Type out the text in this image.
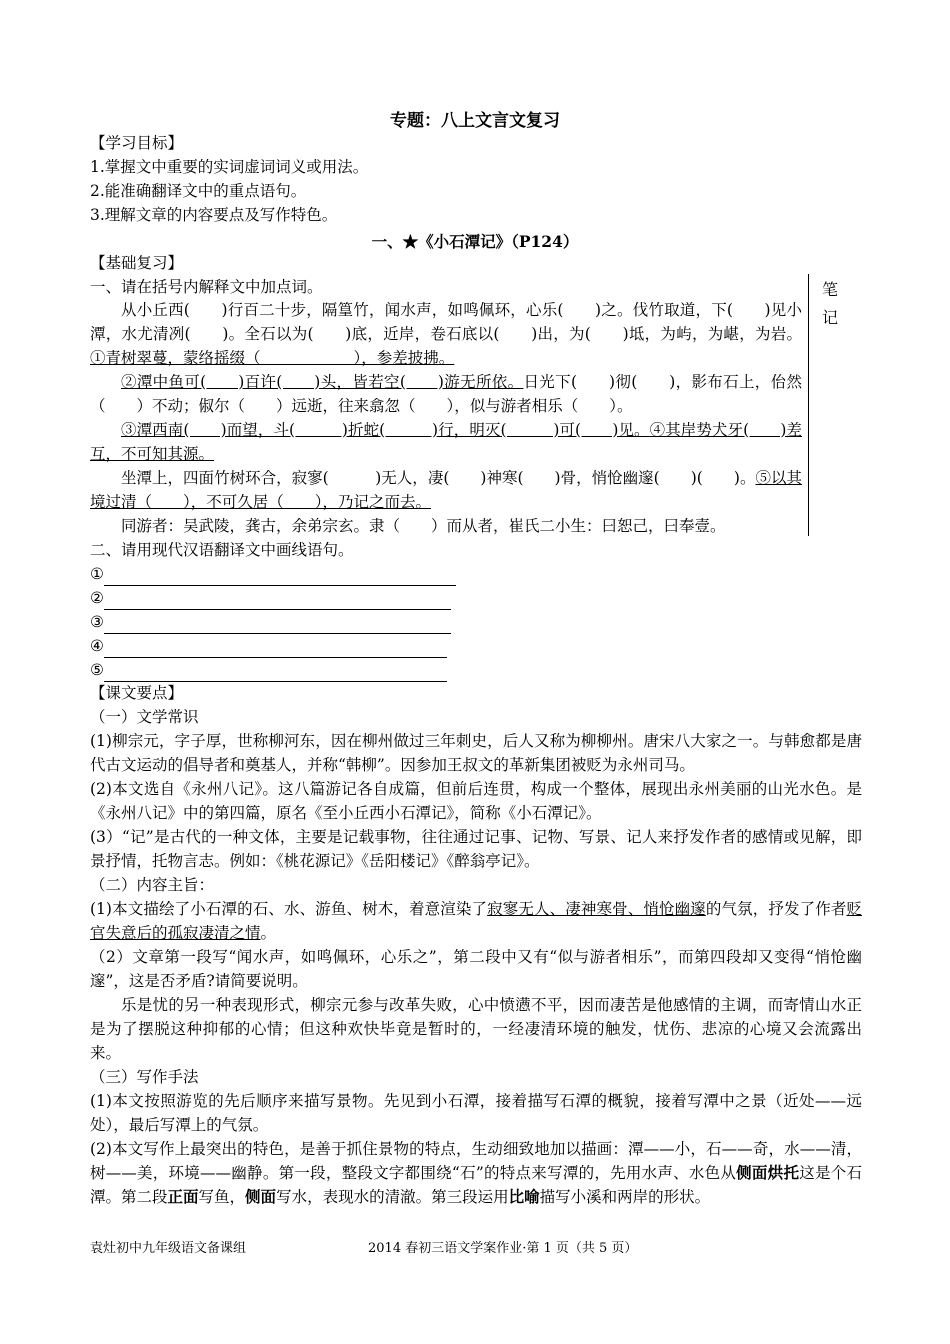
专题：八上文言文复习
【学习目标】
1.掌握文中重要的实词虚词词义或用法。
2.能准确翻译文中的重点语句。
3.理解文章的内容要点及写作特色。
一、★《小石潭记》（P124）
【基础复习】
一、请在括号内解释文中加点词。	笔
记

从小丘西(　　)行百二十步，隔篁竹，闻水声，如鸣佩环，心乐(　　)之。伐竹取道，下(　　)见小潭，水尤清冽(　　)。全石以为(　　)底，近岸，卷石底以(　　)出，为(　　)坻，为屿，为嵁，为岩。①青树翠蔓，蒙络摇缀（　　　　　　），参差披拂。

②潭中鱼可(　　)百许(　　)头，皆若空(　　)游无所依。日光下(　　)彻(　　)，影布石上，佁然（　　）不动；俶尔（　　）远逝，往来翕忽（　　），似与游者相乐（　　）。

③潭西南(　　)而望，斗(　　　)折蛇(　　　)行，明灭(　　　)可(　　)见。④其岸势犬牙(　　)差互，不可知其源。

坐潭上，四面竹树环合，寂寥(　　　)无人，凄(　　)神寒(　　)骨，悄怆幽邃(　　)(　　)。⑤以其境过清（　　），不可久居（　　），乃记之而去。

同游者：吴武陵，龚古，余弟宗玄。隶（　　）而从者，崔氏二小生：曰恕己，曰奉壹。

二、请用现代汉语翻译文中画线语句。
①
②
③
④
⑤

【课文要点】

（一）文学常识

(1)柳宗元，字子厚，世称柳河东，因在柳州做过三年刺史，后人又称为柳柳州。唐宋八大家之一。与韩愈都是唐代古文运动的倡导者和奠基人，并称“韩柳”。因参加王叔文的革新集团被贬为永州司马。

(2)本文选自《永州八记》。这八篇游记各自成篇，但前后连贯，构成一个整体，展现出永州美丽的山光水色。是《永州八记》中的第四篇，原名《至小丘西小石潭记》，简称《小石潭记》。

(3）“记”是古代的一种文体，主要是记载事物，往往通过记事、记物、写景、记人来抒发作者的感情或见解，即景抒情，托物言志。例如：《桃花源记》《岳阳楼记》《醉翁亭记》。

（二）内容主旨：

(1)本文描绘了小石潭的石、水、游鱼、树木，着意渲染了寂寥无人、凄神寒骨、悄怆幽邃的气氛，抒发了作者贬官失意后的孤寂凄清之情。

（2）文章第一段写“闻水声，如鸣佩环，心乐之”，第二段中又有“似与游者相乐”，而第四段却又变得“悄怆幽邃”，这是否矛盾?请简要说明。

乐是忧的另一种表现形式，柳宗元参与改革失败，心中愤懑不平，因而凄苦是他感情的主调，而寄情山水正是为了摆脱这种抑郁的心情；但这种欢快毕竟是暂时的，一经凄清环境的触发，忧伤、悲凉的心境又会流露出来。

（三）写作手法

(1)本文按照游览的先后顺序来描写景物。先见到小石潭，接着描写石潭的概貌，接着写潭中之景（近处——远处），最后写潭上的气氛。

(2)本文写作上最突出的特色，是善于抓住景物的特点，生动细致地加以描画：潭——小，石——奇，水——清，树——美，环境——幽静。第一段，整段文字都围绕“石”的特点来写潭的，先用水声、水色从侧面烘托这是个石潭。第二段正面写鱼，侧面写水，表现水的清澈。第三段运用比喻描写小溪和两岸的形状。

袁灶初中九年级语文备课组	2014 春初三语文学案作业·第 1 页（共 5 页）
